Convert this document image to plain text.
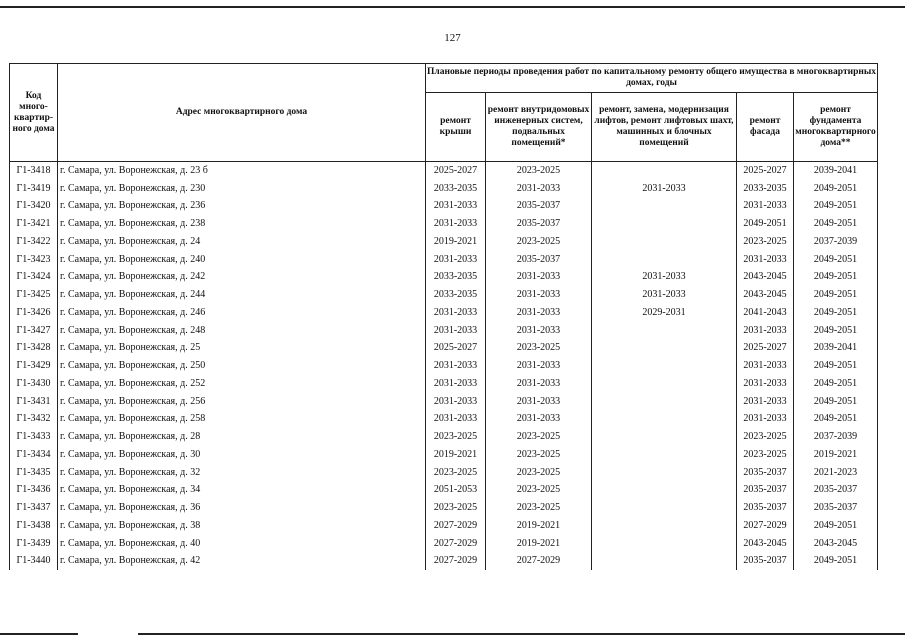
127
Код много-квартир-ного дома	Адрес многоквартирного дома	Плановые периоды проведения работ по капитальному ремонту общего имущества в многоквартирных домах, годы				
		ремонт крыши	ремонт внутридомовых инженерных систем, подвальных помещений*	ремонт, замена, модернизация лифтов, ремонт лифтовых шахт, машинных и блочных помещений	ремонт фасада	ремонт фундамента многоквартирного дома**
Г1-3418	г. Самара, ул. Воронежская, д. 23 б	2025-2027	2023-2025		2025-2027	2039-2041
Г1-3419	г. Самара, ул. Воронежская, д. 230	2033-2035	2031-2033	2031-2033	2033-2035	2049-2051
Г1-3420	г. Самара, ул. Воронежская, д. 236	2031-2033	2035-2037		2031-2033	2049-2051
Г1-3421	г. Самара, ул. Воронежская, д. 238	2031-2033	2035-2037		2049-2051	2049-2051
Г1-3422	г. Самара, ул. Воронежская, д. 24	2019-2021	2023-2025		2023-2025	2037-2039
Г1-3423	г. Самара, ул. Воронежская, д. 240	2031-2033	2035-2037		2031-2033	2049-2051
Г1-3424	г. Самара, ул. Воронежская, д. 242	2033-2035	2031-2033	2031-2033	2043-2045	2049-2051
Г1-3425	г. Самара, ул. Воронежская, д. 244	2033-2035	2031-2033	2031-2033	2043-2045	2049-2051
Г1-3426	г. Самара, ул. Воронежская, д. 246	2031-2033	2031-2033	2029-2031	2041-2043	2049-2051
Г1-3427	г. Самара, ул. Воронежская, д. 248	2031-2033	2031-2033		2031-2033	2049-2051
Г1-3428	г. Самара, ул. Воронежская, д. 25	2025-2027	2023-2025		2025-2027	2039-2041
Г1-3429	г. Самара, ул. Воронежская, д. 250	2031-2033	2031-2033		2031-2033	2049-2051
Г1-3430	г. Самара, ул. Воронежская, д. 252	2031-2033	2031-2033		2031-2033	2049-2051
Г1-3431	г. Самара, ул. Воронежская, д. 256	2031-2033	2031-2033		2031-2033	2049-2051
Г1-3432	г. Самара, ул. Воронежская, д. 258	2031-2033	2031-2033		2031-2033	2049-2051
Г1-3433	г. Самара, ул. Воронежская, д. 28	2023-2025	2023-2025		2023-2025	2037-2039
Г1-3434	г. Самара, ул. Воронежская, д. 30	2019-2021	2023-2025		2023-2025	2019-2021
Г1-3435	г. Самара, ул. Воронежская, д. 32	2023-2025	2023-2025		2035-2037	2021-2023
Г1-3436	г. Самара, ул. Воронежская, д. 34	2051-2053	2023-2025		2035-2037	2035-2037
Г1-3437	г. Самара, ул. Воронежская, д. 36	2023-2025	2023-2025		2035-2037	2035-2037
Г1-3438	г. Самара, ул. Воронежская, д. 38	2027-2029	2019-2021		2027-2029	2049-2051
Г1-3439	г. Самара, ул. Воронежская, д. 40	2027-2029	2019-2021		2043-2045	2043-2045
Г1-3440	г. Самара, ул. Воронежская, д. 42	2027-2029	2027-2029		2035-2037	2049-2051
